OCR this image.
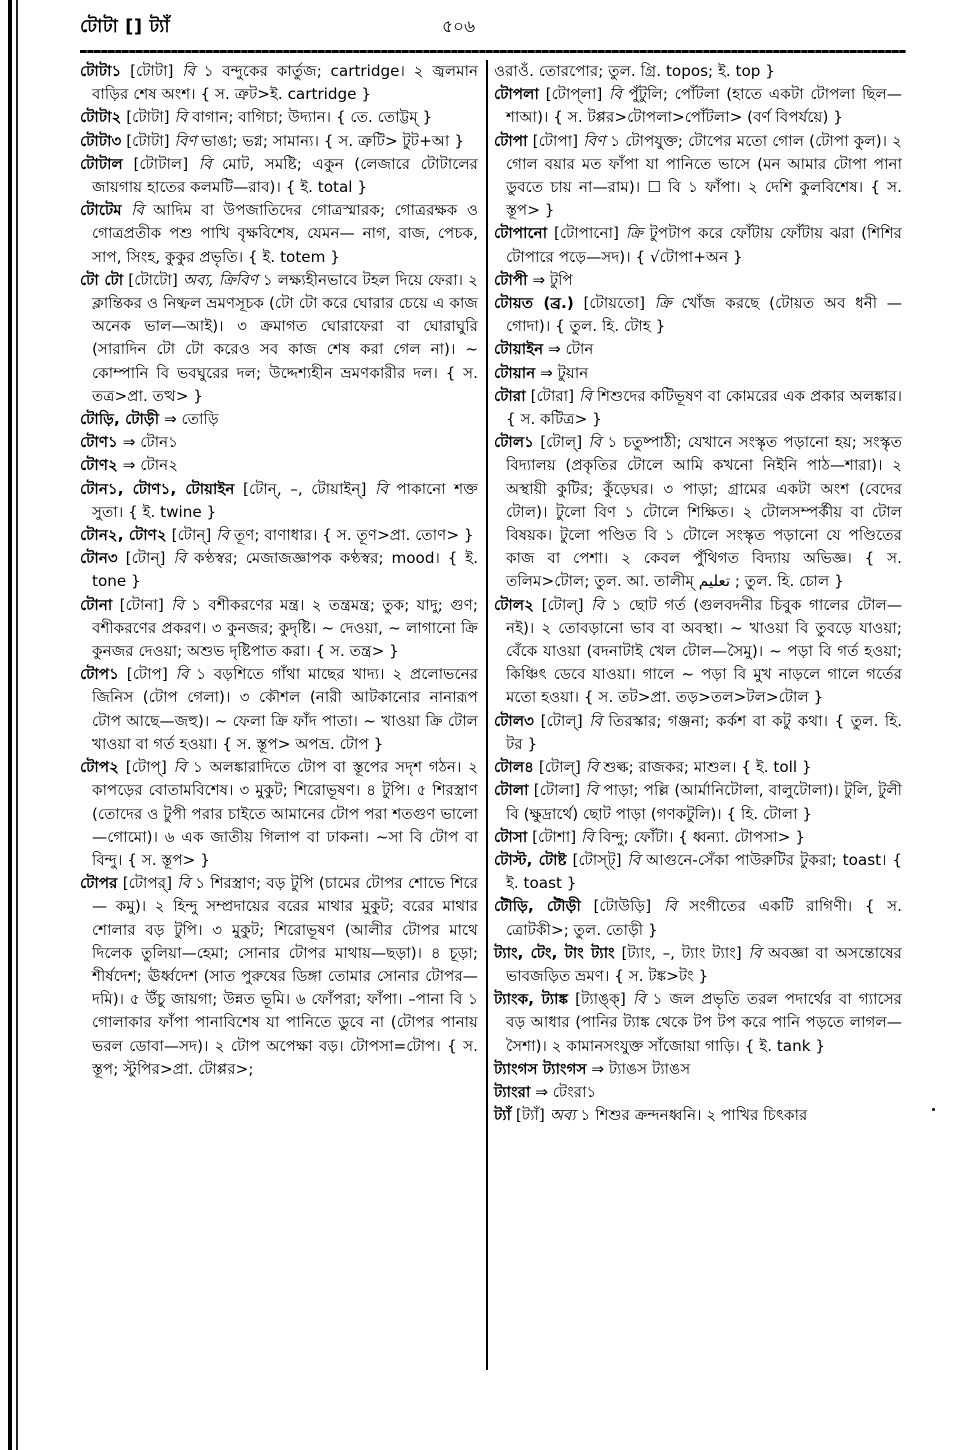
টোটা [] ট্যাঁ	৫০৬

টোটা১ [টোটা] বি ১ বন্দুকের কার্তুজ; cartridge। ২ জ্বলমান বাড়ির শেষ অংশ। { স. ত্রুট>ই. cartridge }

টোটা২ [টোটা] বি বাগান; বাগিচা; উদ্যান। { তে. তোট্টম্ }

টোটা৩ [টোটা] বিণ ভাঙা; ভগ্ন; সামান্য। { স. ত্রুটি> টুট+আ }

টোটাল [টোটাল] বি মোট, সমষ্টি; একুন (লেজারে টোটালের জায়গায় হাতের কলমটি—রাব)। { ই. total }

টোটেম বি আদিম বা উপজাতিদের গোত্রস্মারক; গোত্ররক্ষক ও গোত্রপ্রতীক পশু পাখি বৃক্ষবিশেষ, যেমন— নাগ, বাজ, পেচক, সাপ, সিংহ, কুকুর প্রভৃতি। { ই. totem }

টো টো [টোটো] অব্য, ক্রিবিণ ১ লক্ষ্যহীনভাবে টহল দিয়ে ফেরা। ২ ক্লান্তিকর ও নিষ্ফল ভ্রমণসূচক (টো টো করে ঘোরার চেয়ে এ কাজ অনেক ভাল—আই)। ৩ ক্রমাগত ঘোরাফেরা বা ঘোরাঘুরি (সারাদিন টো টো করেও সব কাজ শেষ করা গেল না)। ~ কোম্পানি বি ভবঘুরের দল; উদ্দেশ্যহীন ভ্রমণকারীর দল। { স. তত্র>প্রা. তত্থ> }

টোড়ি, টোড়ী ⇒ তোড়ি

টোণ১ ⇒ টোন১

টোণ২ ⇒ টোন২

টোন১, টোণ১, টোয়াইন [টোন্, –, টোয়াইন্] বি পাকানো শক্ত সুতা। { ই. twine }

টোন২, টোণ২ [টোন্] বি তূণ; বাণাধার। { স. তূণ>প্রা. তোণ> }

টোন৩ [টোন্] বি কণ্ঠস্বর; মেজাজজ্ঞাপক কণ্ঠস্বর; mood। { ই. tone }

টোনা [টোনা] বি ১ বশীকরণের মন্ত্র। ২ তন্ত্রমন্ত্র; তুক; যাদু; গুণ; বশীকরণের প্রকরণ। ৩ কুনজর; কুদৃষ্টি। ~ দেওয়া, ~ লাগানো ক্রি কুনজর দেওয়া; অশুভ দৃষ্টিপাত করা। { স. তন্ত্র> }

টোপ১ [টোপ] বি ১ বড়শিতে গাঁথা মাছের খাদ্য। ২ প্রলোভনের জিনিস (টোপ গেলা)। ৩ কৌশল (নারী আটকানোর নানারূপ টোপ আছে—জহু)। ~ ফেলা ক্রি ফাঁদ পাতা। ~ খাওয়া ক্রি টোল খাওয়া বা গর্ত হওয়া। { স. স্তূপ> অপভ্র. টোপ }

টোপ২ [টোপ্] বি ১ অলঙ্কারাদিতে টোপ বা স্তূপের সদৃশ গঠন। ২ কাপড়ের বোতামবিশেষ। ৩ মুকুট; শিরোভূষণ। ৪ টুপি। ৫ শিরস্ত্রাণ (তোদের ও টুপী পরার চাইতে আমানের টোপ পরা শতগুণ ভালো—গোমো)। ৬ এক জাতীয় গিলাপ বা ঢাকনা। ~সা বি টোপ বা বিন্দু। { স. স্তূপ> }

টোপর [টোপর্] বি ১ শিরস্ত্রাণ; বড় টুপি (চামের টোপর শোভে শিরে— কমু)। ২ হিন্দু সম্প্রদায়ের বরের মাথার মুকুট; বরের মাথার শোলার বড় টুপি। ৩ মুকুট; শিরোভূষণ (আলীর টোপর মাথে দিলেক তুলিয়া—হেমা; সোনার টোপর মাথায়—ছড়া)। ৪ চূড়া; শীর্ষদেশ; ঊর্ধ্বদেশ (সাত পুরুষের ডিঙ্গা তোমার সোনার টোপর—দমি)। ৫ উঁচু জায়গা; উন্নত ভূমি। ৬ ফোঁপরা; ফাঁপা। –পানা বি ১ গোলাকার ফাঁপা পানাবিশেষ যা পানিতে ডুবে না (টোপর পানায় ভরল ডোবা—সদ)। ২ টোপ অপেক্ষা বড়। টোপসা=টোপ। { স. স্তূপ; স্টুপির>প্রা. টোপ্পর>;

ওরাওঁ. তোরপোর; তুল. গ্রি. topos; ই. top }

টোপলা [টোপ্‌লা] বি পুঁটুলি; পোঁটলা (হাতে একটা টোপলা ছিল—শাআ)। { স. টপ্পর>টোপলা>পোঁটলা> (বর্ণ বিপর্যয়ে) }

টোপা [টোপা] বিণ ১ টোপযুক্ত; টোপের মতো গোল (টোপা কুল)। ২ গোল বয়ার মত ফাঁপা যা পানিতে ভাসে (মন আমার টোপা পানা ডুবতে চায় না—রাম)। ☐ বি ১ ফাঁপা। ২ দেশি কুলবিশেষ। { স. স্তূপ> }

টোপানো [টোপানো] ক্রি টুপটাপ করে ফোঁটায় ফোঁটায় ঝরা (শিশির টোপারে পড়ে—সদ)। { √টোপা+অন }

টোপী ⇒ টুপি

টোয়ত (ব্র.) [টোয়তো] ক্রি খোঁজ করছে (টোয়ত অব ধনী —গোদা)। { তুল. হি. টোহ }

টোয়াইন ⇒ টোন

টোয়ান ⇒ টুয়ান

টোরা [টোরা] বি শিশুদের কটিভূষণ বা কোমরের এক প্রকার অলঙ্কার। { স. কটিত্র> }

টোল১ [টোল্] বি ১ চতুষ্পাঠী; যেখানে সংস্কৃত পড়ানো হয়; সংস্কৃত বিদ্যালয় (প্রকৃতির টোলে আমি কখনো নিইনি পাঠ—শারা)। ২ অস্থায়ী কুটির; কুঁড়েঘর। ৩ পাড়া; গ্রামের একটা অংশ (বেদের টোল)। টুলো বিণ ১ টোলে শিক্ষিত। ২ টোলসম্পর্কীয় বা টোল বিষয়ক। টুলো পণ্ডিত বি ১ টোলে সংস্কৃত পড়ানো যে পণ্ডিতের কাজ বা পেশা। ২ কেবল পুঁথিগত বিদ্যায় অভিজ্ঞ। { স. তলিম>টোল; তুল. আ. তালীম্ تعليم ; তুল. হি. চোল }

টোল২ [টোল্] বি ১ ছোট গর্ত (গুলবদনীর চিবুক গালের টোল—নই)। ২ তোবড়ানো ভাব বা অবস্থা। ~ খাওয়া বি তুবড়ে যাওয়া; বেঁকে যাওয়া (বদনাটাই খেল টোল—সৈমু)। ~ পড়া বি গর্ত হওয়া; কিঞ্চিৎ ডেবে যাওয়া। গালে ~ পড়া বি মুখ নাড়লে গালে গর্তের মতো হওয়া। { স. তট>প্রা. তড়>তল>টল>টোল }

টোল৩ [টোল্] বি তিরস্কার; গঞ্জনা; কর্কশ বা কটু কথা। { তুল. হি. টর }

টোল৪ [টোল্] বি শুল্ক; রাজকর; মাশুল। { ই. toll }

টোলা [টোলা] বি পাড়া; পল্লি (আর্মানিটোলা, বালুটোলা)। টুলি, টুলী বি (ক্ষুদ্রার্থে) ছোট পাড়া (গণকটুলি)। { হি. টোলা }

টোসা [টোশা] বি বিন্দু; ফোঁটা। { ধ্বন্যা. টোপসা> }

টোস্ট, টোষ্ট [টোস্‌ট্] বি আগুনে-সেঁকা পাউরুটির টুকরা; toast। { ই. toast }

টৌড়ি, টৌড়ী [টোউড়ি] বি সংগীতের একটি রাগিণী। { স. ত্রোটকী>; তুল. তোড়ী }

ট্যাং, টেং, টাং ট্যাং [ট্যাং, –, ট্যাং ট্যাং] বি অবজ্ঞা বা অসন্তোষের ভাবজড়িত ভ্রমণ। { স. টঙ্ক>টং }

ট্যাংক, ট্যাঙ্ক [ট্যাঙ্‌ক্] বি ১ জল প্রভৃতি তরল পদার্থের বা গ্যাসের বড় আধার (পানির ট্যাঙ্ক থেকে টপ টপ করে পানি পড়তে লাগল—সৈশা)। ২ কামানসংযুক্ত সাঁজোয়া গাড়ি। { ই. tank }

ট্যাংগস ট্যাংগস ⇒ ট্যাঙস ট্যাঙস

ট্যাংরা ⇒ টেংরা১

ট্যাঁ [ট্যাঁ] অব্য ১ শিশুর ক্রন্দনধ্বনি। ২ পাখির চিৎকার
